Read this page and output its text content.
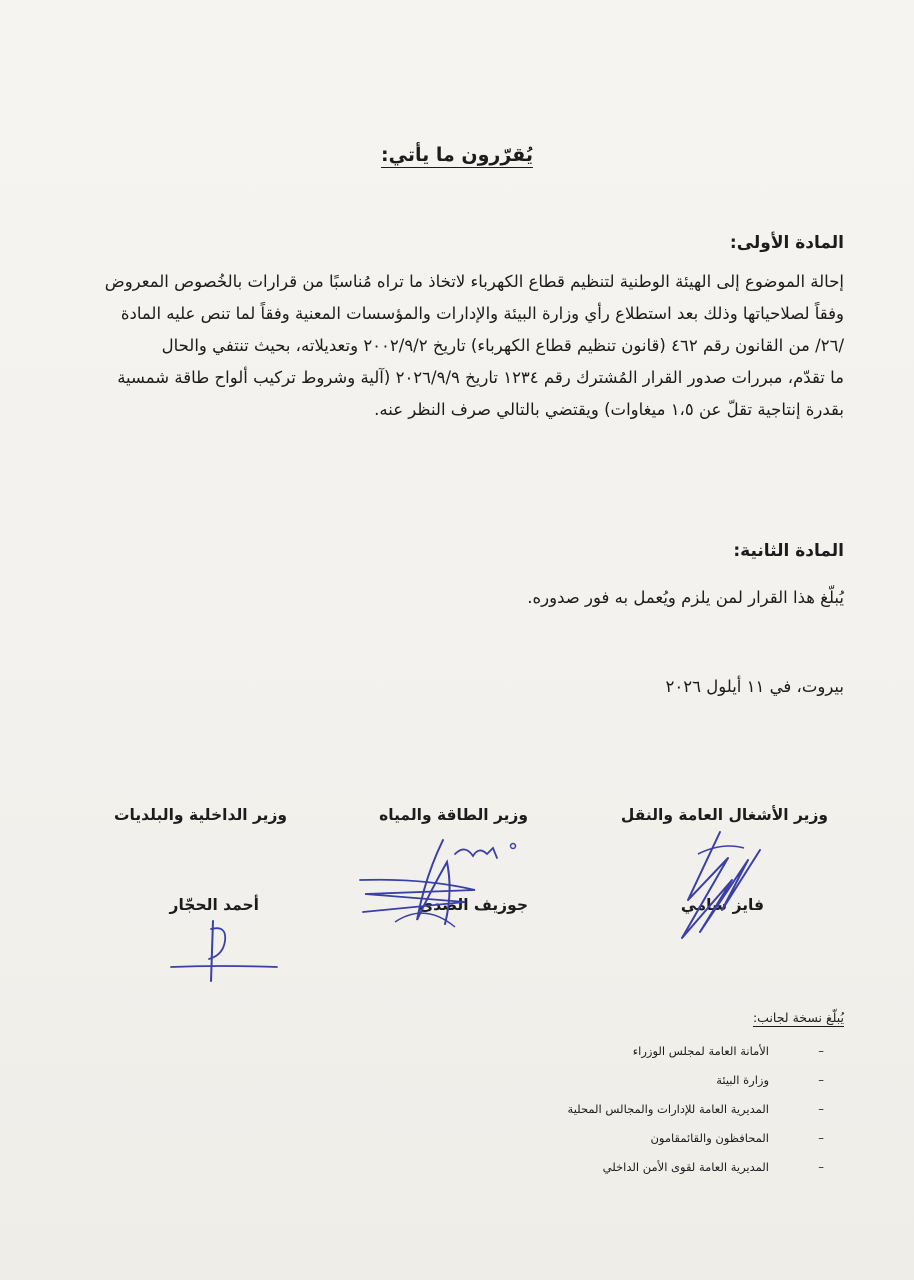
يُقرّرون ما يأتي:
المادة الأولى:

إحالة الموضوع إلى الهيئة الوطنية لتنظيم قطاع الكهرباء لاتخاذ ما تراه مُناسبًا من قرارات بالخُصوص المعروض

وفقاً لصلاحياتها وذلك بعد استطلاع رأي وزارة البيئة والإدارات والمؤسسات المعنية وفقاً لما تنص عليه المادة

/٢٦/ من القانون رقم ٤٦٢ (قانون تنظيم قطاع الكهرباء) تاريخ ٢٠٠٢/٩/٢ وتعديلاته، بحيث تنتفي والحال

ما تقدّم، مبررات صدور القرار المُشترك رقم ١٢٣٤ تاريخ ٢٠٢٦/٩/٩ (آلية وشروط تركيب ألواح طاقة شمسية

بقدرة إنتاجية تقلّ عن ١،٥ ميغاوات) ويقتضي بالتالي صرف النظر عنه.

المادة الثانية:
يُبلّغ هذا القرار لمن يلزم ويُعمل به فور صدوره.
بيروت، في ١١ أيلول ٢٠٢٦
وزير الأشغال العامة والنقل
وزير الطاقة والمياه
وزير الداخلية والبلديات
فايز سامي
جوزيف الصدي
أحمد الحجّار
يُبلّغ نسخة لجانب:
–
الأمانة العامة لمجلس الوزراء
–
وزارة البيئة
–
المديرية العامة للإدارات والمجالس المحلية
–
المحافظون والقائمقامون
–
المديرية العامة لقوى الأمن الداخلي
